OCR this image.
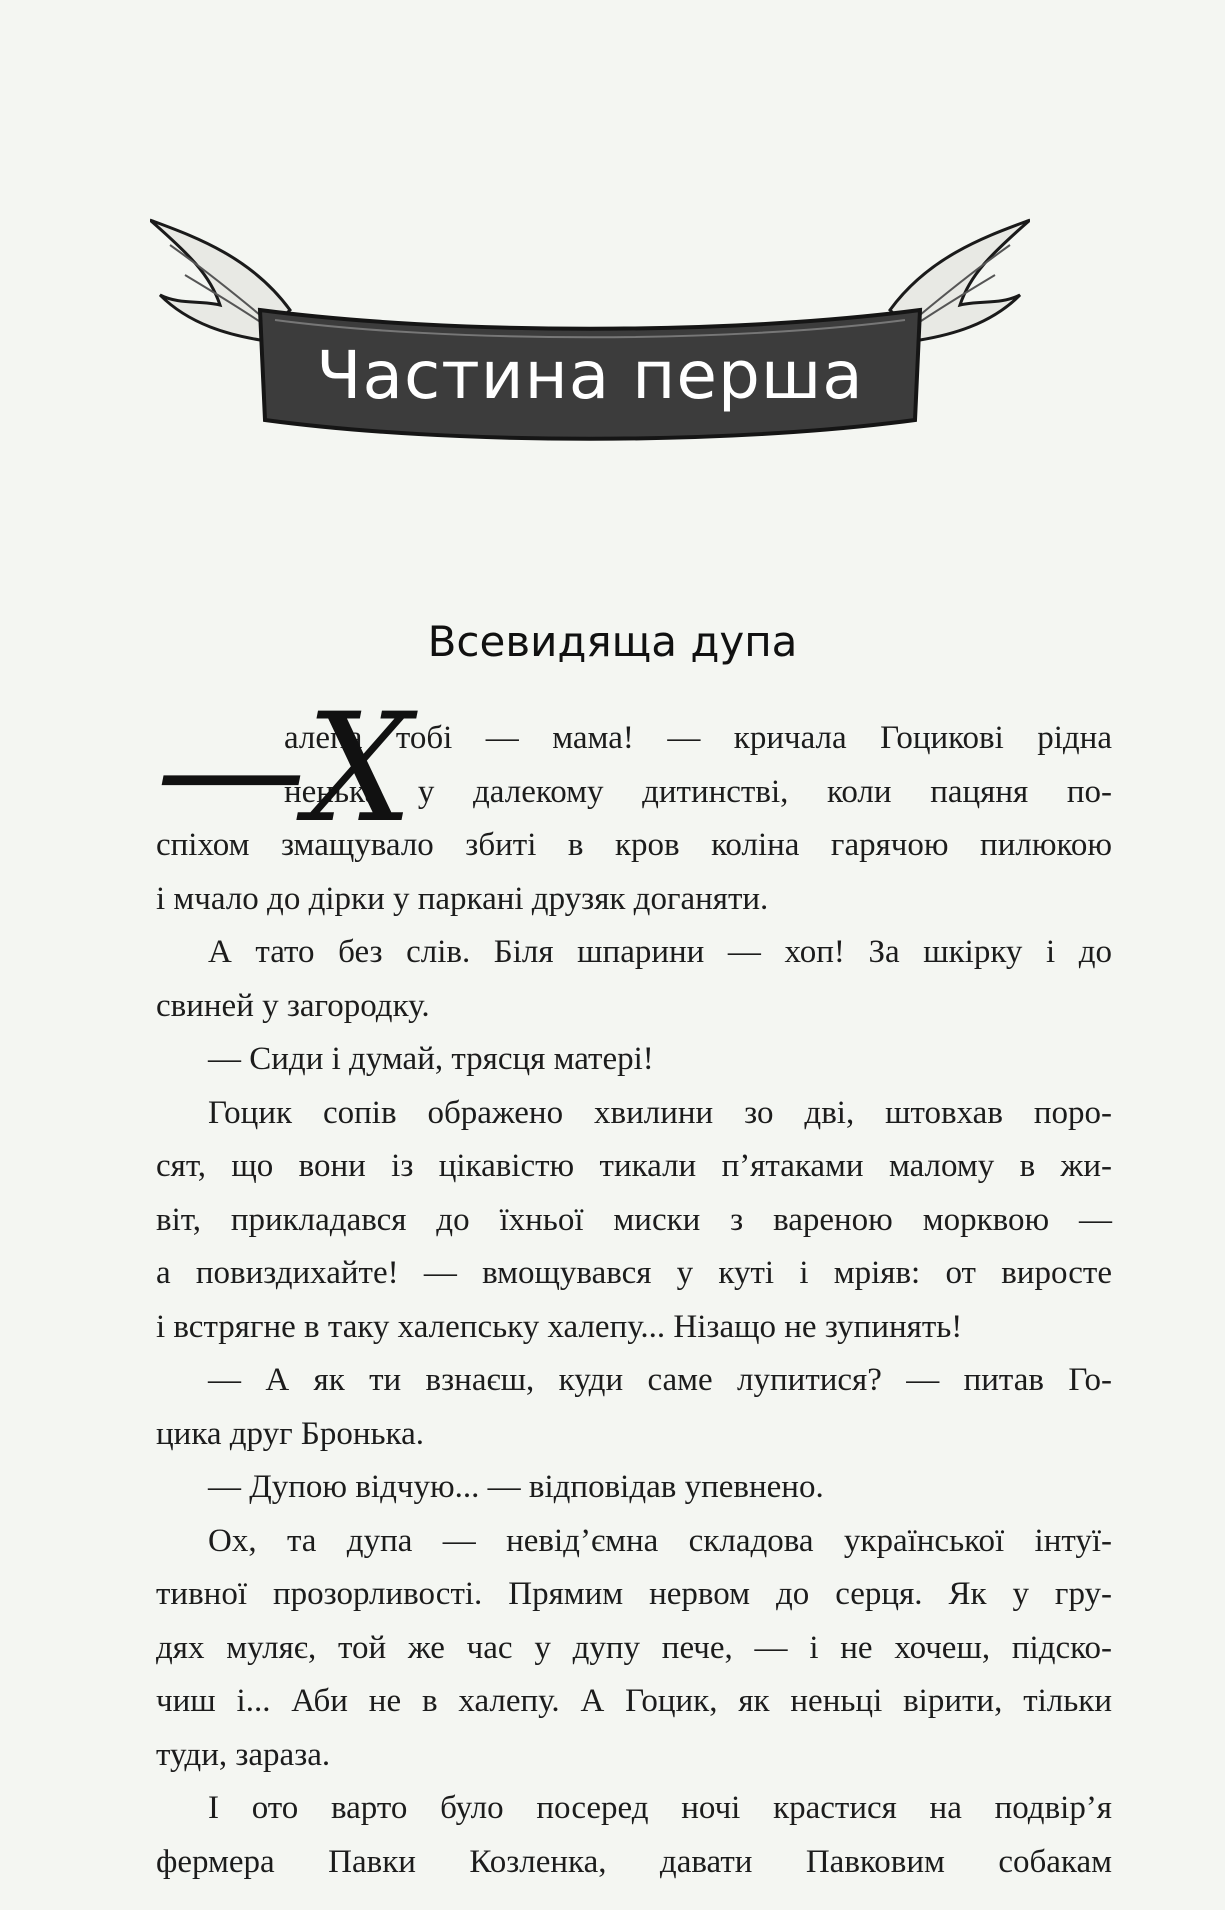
Частина перша
Всевидяща дупа
—Х

алепа тобі — мама! — кричала Гоциковi рідна

ненька у далекому дитинстві, коли пацяня по-

спіхом змащувало збиті в кров коліна гарячою пилюкою

і мчало до дірки у паркані друзяк доганяти.

А тато без слів. Біля шпарини — хоп! За шкірку і до

свиней у загородку.

— Сиди і думай, трясця матері!

Гоцик сопів ображено хвилини зо дві, штовхав поро-

сят, що вони із цікавістю тикали п’ятаками малому в жи-

віт, прикладався до їхньої миски з вареною морквою —

а повиздихайте! — вмощувався у куті і мріяв: от виросте

і встрягне в таку халепську халепу... Нізащо не зупинять!

— А як ти взнаєш, куди саме лупитися? — питав Го-

цика друг Бронька.

— Дупою відчую... — відповідав упевнено.

Ох, та дупа — невід’ємна складова української інтуї-

тивної прозорливості. Прямим нервом до серця. Як у гру-

дях муляє, той же час у дупу пече, — і не хочеш, підско-

чиш і... Аби не в халепу. А Гоцик, як неньці вірити, тільки

туди, зараза.

І ото варто було посеред ночі крастися на подвір’я

фермера Павки Козленка, давати Павковим собакам
